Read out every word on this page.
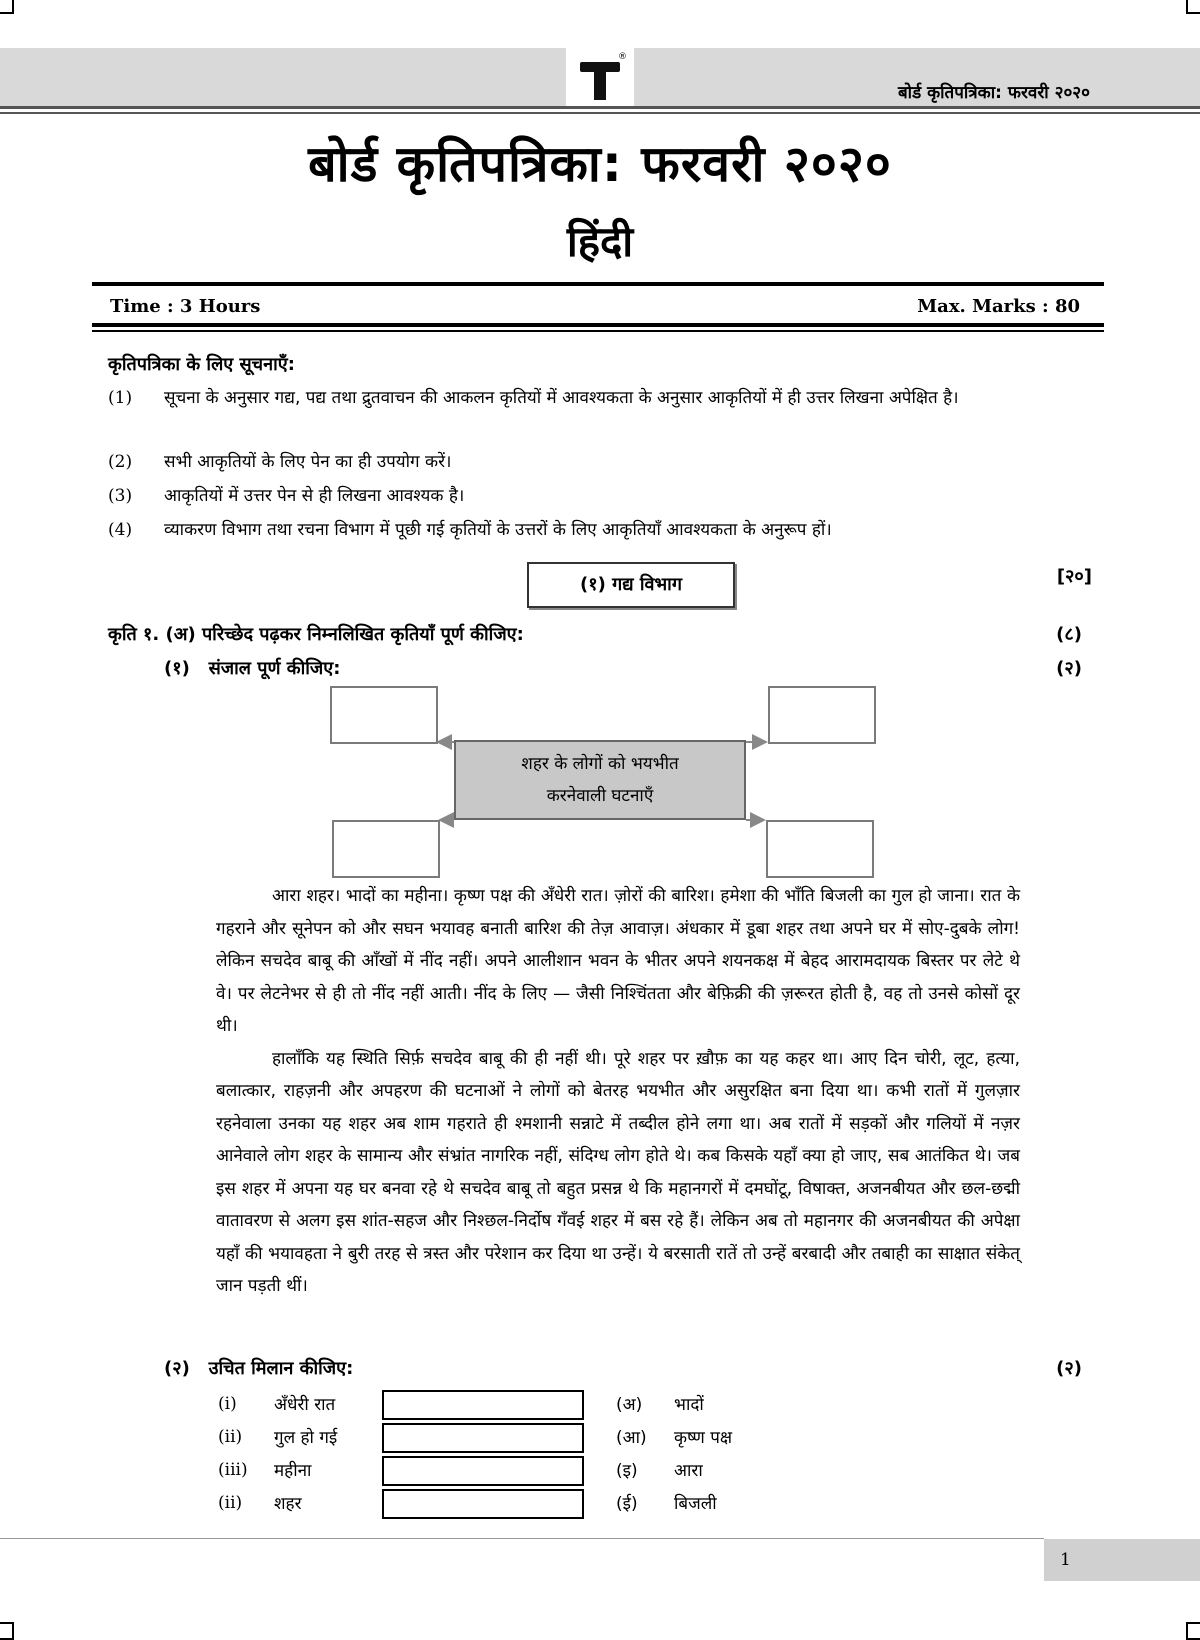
®
बोर्ड कृतिपत्रिका: फरवरी २०२०
बोर्ड कृतिपत्रिका: फरवरी २०२०
हिंदी
Time : 3 Hours	Max. Marks : 80
कृतिपत्रिका के लिए सूचनाएँ:
(1) सूचना के अनुसार गद्य, पद्य तथा द्रुतवाचन की आकलन कृतियों में आवश्यकता के अनुसार आकृतियों में ही उत्तर लिखना अपेक्षित है।
(2) सभी आकृतियों के लिए पेन का ही उपयोग करें।
(3) आकृतियों में उत्तर पेन से ही लिखना आवश्यक है।
(4) व्याकरण विभाग तथा रचना विभाग में पूछी गई कृतियों के उत्तरों के लिए आकृतियाँ आवश्यकता के अनुरूप हों।
(१) गद्य विभाग	[२०]
कृति १. (अ) परिच्छेद पढ़कर निम्नलिखित कृतियाँ पूर्ण कीजिए:	(८)
(१)   संजाल पूर्ण कीजिए:	(२)
शहर के लोगों को भयभीत
करनेवाली घटनाएँ

आरा शहर। भादों का महीना। कृष्ण पक्ष की अँधेरी रात। ज़ोरों की बारिश। हमेशा की भाँति बिजली का गुल हो जाना। रात के गहराने और सूनेपन को और सघन भयावह बनाती बारिश की तेज़ आवाज़। अंधकार में डूबा शहर तथा अपने घर में सोए-दुबके लोग! लेकिन सचदेव बाबू की आँखों में नींद नहीं। अपने आलीशान भवन के भीतर अपने शयनकक्ष में बेहद आरामदायक बिस्तर पर लेटे थे वे। पर लेटनेभर से ही तो नींद नहीं आती। नींद के लिए — जैसी निश्चिंतता और बेफ़िक्री की ज़रूरत होती है, वह तो उनसे कोसों दूर थी।

हालाँकि यह स्थिति सिर्फ़ सचदेव बाबू की ही नहीं थी। पूरे शहर पर ख़ौफ़ का यह कहर था। आए दिन चोरी, लूट, हत्या, बलात्कार, राहज़नी और अपहरण की घटनाओं ने लोगों को बेतरह भयभीत और असुरक्षित बना दिया था। कभी रातों में गुलज़ार रहनेवाला उनका यह शहर अब शाम गहराते ही श्मशानी सन्नाटे में तब्दील होने लगा था। अब रातों में सड़कों और गलियों में नज़र आनेवाले लोग शहर के सामान्य और संभ्रांत नागरिक नहीं, संदिग्ध लोग होते थे। कब किसके यहाँ क्या हो जाए, सब आतंकित थे। जब इस शहर में अपना यह घर बनवा रहे थे सचदेव बाबू तो बहुत प्रसन्न थे कि महानगरों में दमघोंटू, विषाक्त, अजनबीयत और छल-छद्मी वातावरण से अलग इस शांत-सहज और निश्छल-निर्दोष गँवई शहर में बस रहे हैं। लेकिन अब तो महानगर की अजनबीयत की अपेक्षा यहाँ की भयावहता ने बुरी तरह से त्रस्त और परेशान कर दिया था उन्हें। ये बरसाती रातें तो उन्हें बरबादी और तबाही का साक्षात संकेत् जान पड़ती थीं।

(२)   उचित मिलान कीजिए:	(२)
(i) अँधेरी रात	(अ) भादों
(ii) गुल हो गई	(आ) कृष्ण पक्ष
(iii) महीना	(इ) आरा
(ii) शहर	(ई) बिजली
1
